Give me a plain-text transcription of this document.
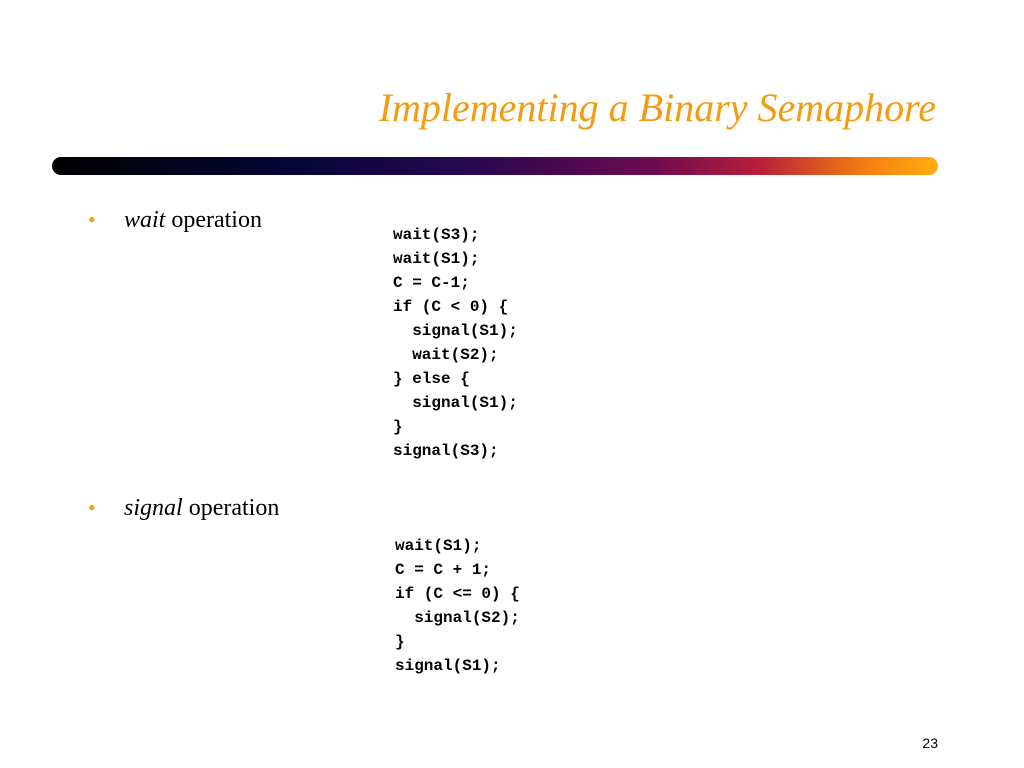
Implementing a Binary Semaphore
• wait operation
wait(S3);
wait(S1);
C = C-1;
if (C < 0) {
signal(S1);
wait(S2);
} else {
signal(S1);
}
signal(S3);
• signal operation
wait(S1);
C = C + 1;
if (C <= 0) {
signal(S2);
}
signal(S1);
23
